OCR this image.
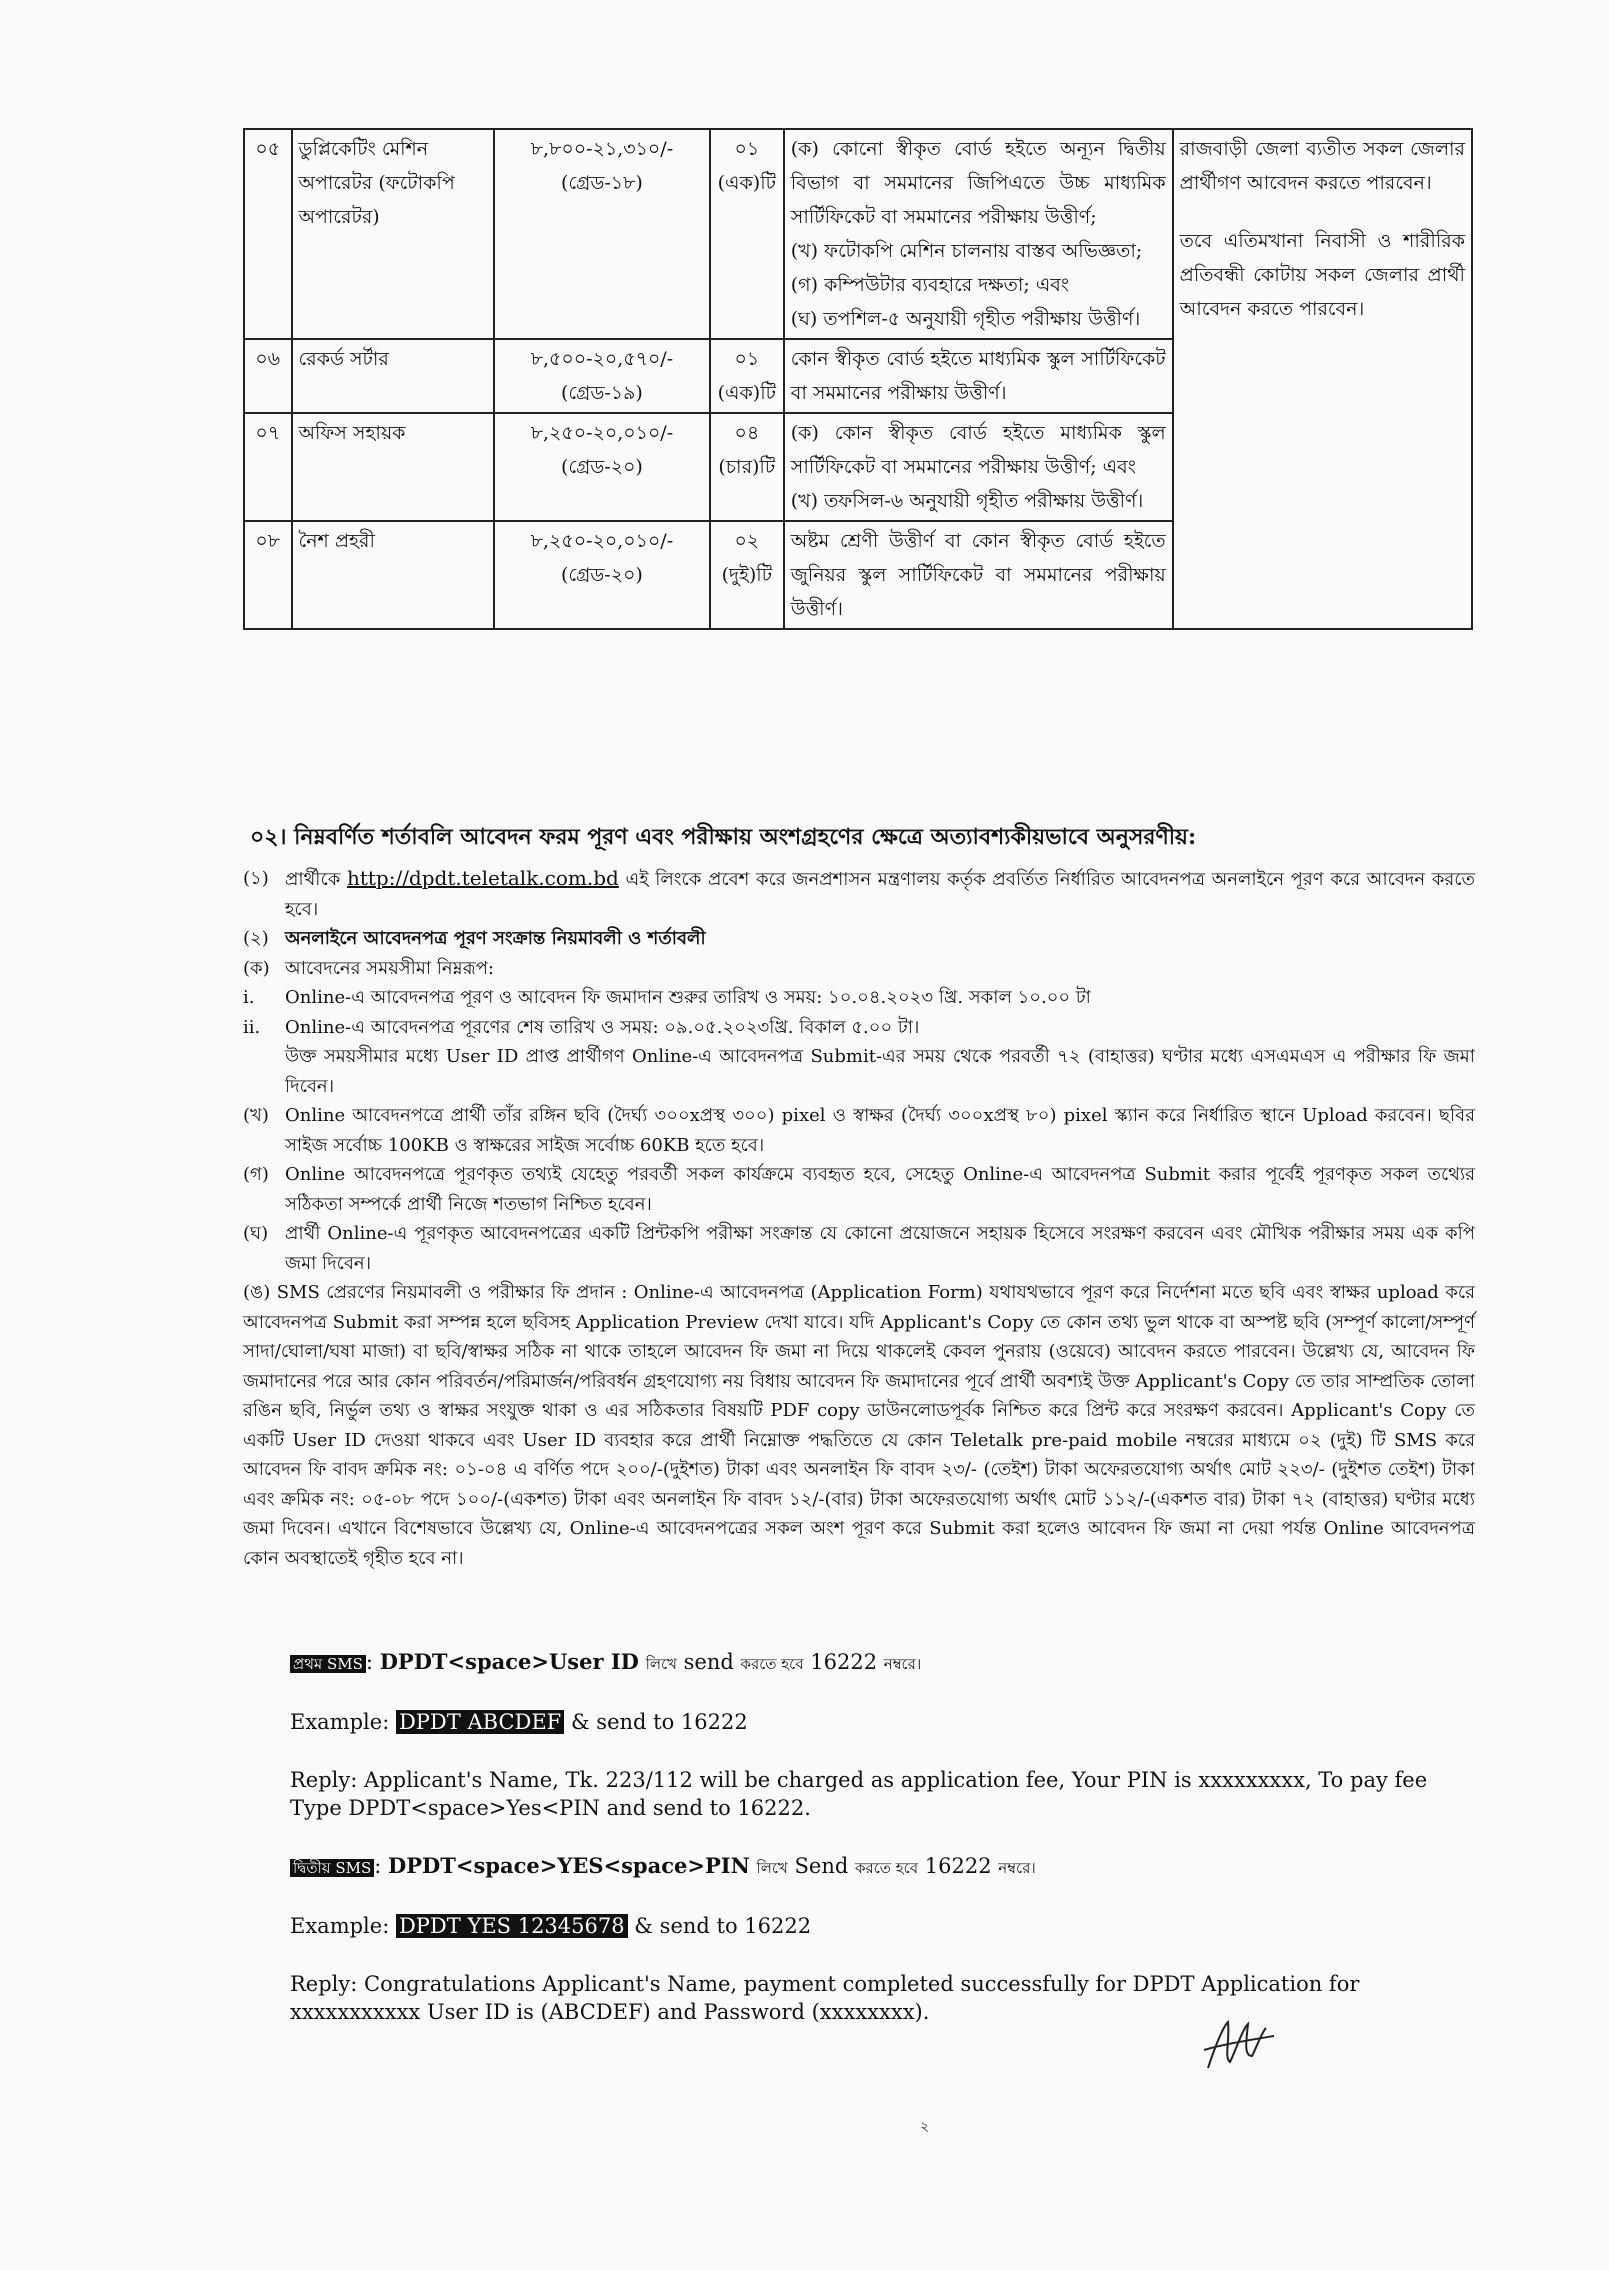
০৫	ডুপ্লিকেটিং মেশিন অপারেটর (ফটোকপি অপারেটর)	৮,৮০০-২১,৩১০/- (গ্রেড-১৮)	০১ (এক)টি	(ক) কোনো স্বীকৃত বোর্ড হইতে অন্যূন দ্বিতীয় বিভাগ বা সমমানের জিপিএতে উচ্চ মাধ্যমিক সার্টিফিকেট বা সমমানের পরীক্ষায় উত্তীর্ণ;
(খ) ফটোকপি মেশিন চালনায় বাস্তব অভিজ্ঞতা;
(গ) কম্পিউটার ব্যবহারে দক্ষতা; এবং
(ঘ) তপশিল-৫ অনুযায়ী গৃহীত পরীক্ষায় উত্তীর্ণ।	রাজবাড়ী জেলা ব্যতীত সকল জেলার প্রার্থীগণ আবেদন করতে পারবেন।
তবে এতিমখানা নিবাসী ও শারীরিক প্রতিবন্ধী কোটায় সকল জেলার প্রার্থী আবেদন করতে পারবেন।

০৬	রেকর্ড সর্টার	৮,৫০০-২০,৫৭০/- (গ্রেড-১৯)	০১ (এক)টি	কোন স্বীকৃত বোর্ড হইতে মাধ্যমিক স্কুল সার্টিফিকেট বা সমমানের পরীক্ষায় উত্তীর্ণ।	

০৭	অফিস সহায়ক	৮,২৫০-২০,০১০/- (গ্রেড-২০)	০৪ (চার)টি	(ক) কোন স্বীকৃত বোর্ড হইতে মাধ্যমিক স্কুল সার্টিফিকেট বা সমমানের পরীক্ষায় উত্তীর্ণ; এবং
(খ) তফসিল-৬ অনুযায়ী গৃহীত পরীক্ষায় উত্তীর্ণ।	

০৮	নৈশ প্রহরী	৮,২৫০-২০,০১০/- (গ্রেড-২০)	০২ (দুই)টি	অষ্টম শ্রেণী উত্তীর্ণ বা কোন স্বীকৃত বোর্ড হইতে জুনিয়র স্কুল সার্টিফিকেট বা সমমানের পরীক্ষায় উত্তীর্ণ।	
০২। নিম্নবর্ণিত শর্তাবলি আবেদন ফরম পূরণ এবং পরীক্ষায় অংশগ্রহণের ক্ষেত্রে অত্যাবশ্যকীয়ভাবে অনুসরণীয়:
(১) প্রার্থীকে http://dpdt.teletalk.com.bd এই লিংকে প্রবেশ করে জনপ্রশাসন মন্ত্রণালয় কর্তৃক প্রবর্তিত নির্ধারিত আবেদনপত্র অনলাইনে পূরণ করে আবেদন করতে হবে।
(২) অনলাইনে আবেদনপত্র পূরণ সংক্রান্ত নিয়মাবলী ও শর্তাবলী
(ক) আবেদনের সময়সীমা নিম্নরূপ:
i.	Online-এ আবেদনপত্র পূরণ ও আবেদন ফি জমাদান শুরুর তারিখ ও সময়: ১০.০৪.২০২৩ খ্রি. সকাল ১০.০০ টা
ii.	Online-এ আবেদনপত্র পূরণের শেষ তারিখ ও সময়: ০৯.০৫.২০২৩খ্রি. বিকাল ৫.০০ টা।
উক্ত সময়সীমার মধ্যে User ID প্রাপ্ত প্রার্থীগণ Online-এ আবেদনপত্র Submit-এর সময় থেকে পরবর্তী ৭২ (বাহাত্তর) ঘণ্টার মধ্যে এসএমএস এ পরীক্ষার ফি জমা দিবেন।
(খ) Online আবেদনপত্রে প্রার্থী তাঁর রঙ্গিন ছবি (দৈর্ঘ্য ৩০০xপ্রস্থ ৩০০) pixel ও স্বাক্ষর (দৈর্ঘ্য ৩০০xপ্রস্থ ৮০) pixel স্ক্যান করে নির্ধারিত স্থানে Upload করবেন। ছবির সাইজ সর্বোচ্চ 100KB ও স্বাক্ষরের সাইজ সর্বোচ্চ 60KB হতে হবে।
(গ) Online আবেদনপত্রে পূরণকৃত তথ্যই যেহেতু পরবর্তী সকল কার্যক্রমে ব্যবহৃত হবে, সেহেতু Online-এ আবেদনপত্র Submit করার পূর্বেই পূরণকৃত সকল তথ্যের সঠিকতা সম্পর্কে প্রার্থী নিজে শতভাগ নিশ্চিত হবেন।
(ঘ) প্রার্থী Online-এ পূরণকৃত আবেদনপত্রের একটি প্রিন্টকপি পরীক্ষা সংক্রান্ত যে কোনো প্রয়োজনে সহায়ক হিসেবে সংরক্ষণ করবেন এবং মৌখিক পরীক্ষার সময় এক কপি জমা দিবেন।
(ঙ) SMS প্রেরণের নিয়মাবলী ও পরীক্ষার ফি প্রদান : Online-এ আবেদনপত্র (Application Form) যথাযথভাবে পূরণ করে নির্দেশনা মতে ছবি এবং স্বাক্ষর upload করে আবেদনপত্র Submit করা সম্পন্ন হলে ছবিসহ Application Preview দেখা যাবে। যদি Applicant's Copy তে কোন তথ্য ভুল থাকে বা অস্পষ্ট ছবি (সম্পূর্ণ কালো/সম্পূর্ণ সাদা/ঘোলা/ঘষা মাজা) বা ছবি/স্বাক্ষর সঠিক না থাকে তাহলে আবেদন ফি জমা না দিয়ে থাকলেই কেবল পুনরায় (ওয়েবে) আবেদন করতে পারবেন। উল্লেখ্য যে, আবেদন ফি জমাদানের পরে আর কোন পরিবর্তন/পরিমার্জন/পরিবর্ধন গ্রহণযোগ্য নয় বিধায় আবেদন ফি জমাদানের পূর্বে প্রার্থী অবশ্যই উক্ত Applicant's Copy তে তার সাম্প্রতিক তোলা রঙিন ছবি, নির্ভুল তথ্য ও স্বাক্ষর সংযুক্ত থাকা ও এর সঠিকতার বিষয়টি PDF copy ডাউনলোডপূর্বক নিশ্চিত করে প্রিন্ট করে সংরক্ষণ করবেন। Applicant's Copy তে একটি User ID দেওয়া থাকবে এবং User ID ব্যবহার করে প্রার্থী নিম্নোক্ত পদ্ধতিতে যে কোন Teletalk pre-paid mobile নম্বরের মাধ্যমে ০২ (দুই) টি SMS করে আবেদন ফি বাবদ ক্রমিক নং: ০১-০৪ এ বর্ণিত পদে ২০০/-(দুইশত) টাকা এবং অনলাইন ফি বাবদ ২৩/- (তেইশ) টাকা অফেরতযোগ্য অর্থাৎ মোট ২২৩/- (দুইশত তেইশ) টাকা এবং ক্রমিক নং: ০৫-০৮ পদে ১০০/-(একশত) টাকা এবং অনলাইন ফি বাবদ ১২/-(বার) টাকা অফেরতযোগ্য অর্থাৎ মোট ১১২/-(একশত বার) টাকা ৭২ (বাহাত্তর) ঘণ্টার মধ্যে জমা দিবেন। এখানে বিশেষভাবে উল্লেখ্য যে, Online-এ আবেদনপত্রের সকল অংশ পূরণ করে Submit করা হলেও আবেদন ফি জমা না দেয়া পর্যন্ত Online আবেদনপত্র কোন অবস্থাতেই গৃহীত হবে না।
প্রথম SMS : DPDT<space>User ID লিখে send করতে হবে 16222 নম্বরে।
Example: DPDT ABCDEF & send to 16222
Reply: Applicant's Name, Tk. 223/112 will be charged as application fee, Your PIN is xxxxxxxxx, To pay fee Type DPDT<space>Yes<PIN and send to 16222.
দ্বিতীয় SMS : DPDT<space>YES<space>PIN লিখে Send করতে হবে 16222 নম্বরে।
Example: DPDT YES 12345678 & send to 16222
Reply: Congratulations Applicant's Name, payment completed successfully for DPDT Application for xxxxxxxxxxx User ID is (ABCDEF) and Password (xxxxxxxx).
২
